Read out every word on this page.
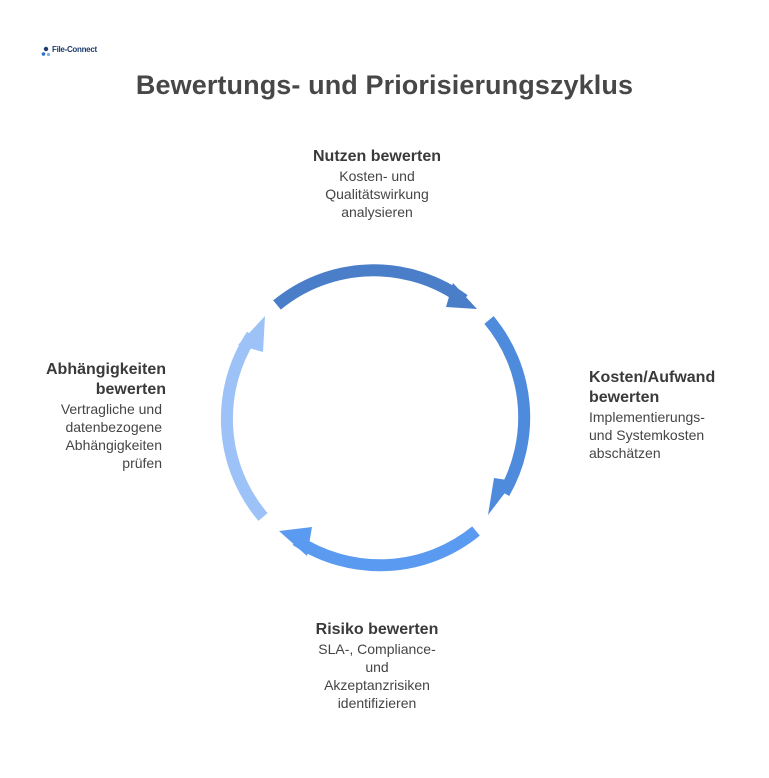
File-Connect
Bewertungs- und Priorisierungszyklus
Nutzen bewerten
Kosten- und
Qualitätswirkung
analysieren
Kosten/Aufwand
bewerten
Implementierungs-
und Systemkosten
abschätzen
Risiko bewerten
SLA-, Compliance-
und
Akzeptanzrisiken
identifizieren
Abhängigkeiten
bewerten
Vertragliche und
datenbezogene
Abhängigkeiten
prüfen
